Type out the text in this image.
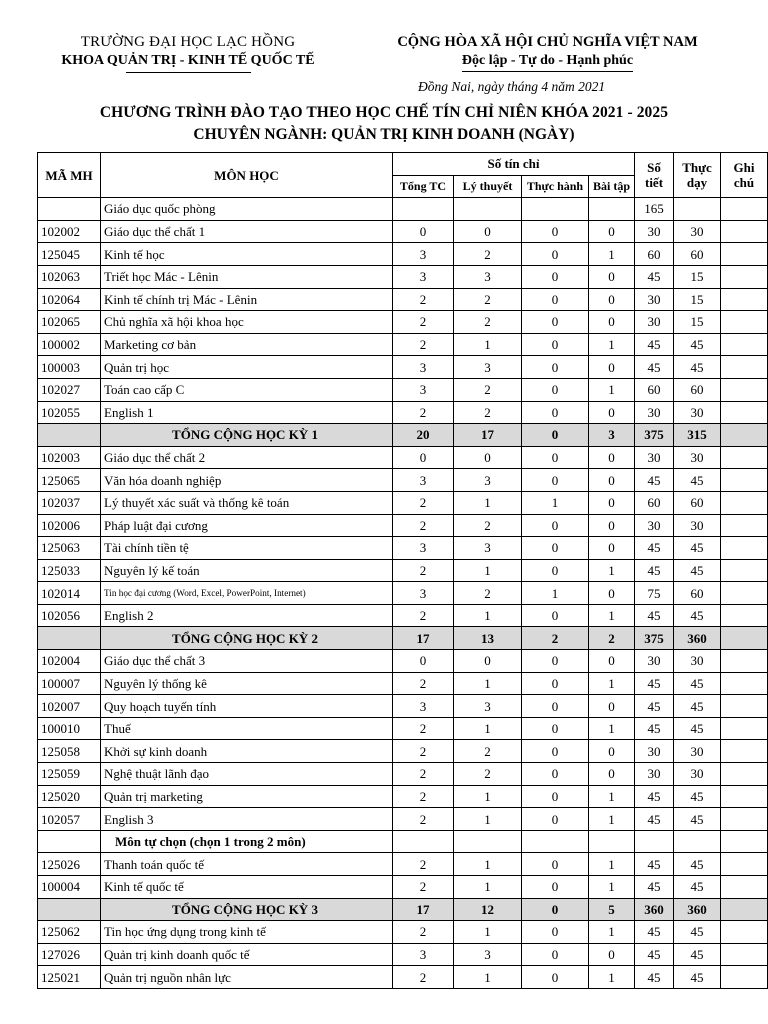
TRƯỜNG ĐẠI HỌC LẠC HỒNG
KHOA QUẢN TRỊ - KINH TẾ QUỐC TẾ
CỘNG HÒA XÃ HỘI CHỦ NGHĨA VIỆT NAM
Độc lập - Tự do - Hạnh phúc
Đồng Nai, ngày tháng 4 năm 2021
CHƯƠNG TRÌNH ĐÀO TẠO THEO HỌC CHẾ TÍN CHỈ NIÊN KHÓA 2021 - 2025
CHUYÊN NGÀNH: QUẢN TRỊ KINH DOANH (NGÀY)
MÃ MH	MÔN HỌC	Số tín chỉ				Số tiết	Thực dạy	Ghi chú
		Tổng TC	Lý thuyết	Thực hành	Bài tập			
	Giáo dục quốc phòng					165		
102002	Giáo dục thể chất 1	0	0	0	0	30	30	
125045	Kinh tế học	3	2	0	1	60	60	
102063	Triết học Mác - Lênin	3	3	0	0	45	15	
102064	Kinh tế chính trị Mác - Lênin	2	2	0	0	30	15	
102065	Chủ nghĩa xã hội khoa học	2	2	0	0	30	15	
100002	Marketing cơ bản	2	1	0	1	45	45	
100003	Quản trị học	3	3	0	0	45	45	
102027	Toán cao cấp C	3	2	0	1	60	60	
102055	English 1	2	2	0	0	30	30	
	TỔNG CỘNG HỌC KỲ 1	20	17	0	3	375	315	
102003	Giáo dục thể chất 2	0	0	0	0	30	30	
125065	Văn hóa doanh nghiệp	3	3	0	0	45	45	
102037	Lý thuyết xác suất và thống kê toán	2	1	1	0	60	60	
102006	Pháp luật đại cương	2	2	0	0	30	30	
125063	Tài chính tiền tệ	3	3	0	0	45	45	
125033	Nguyên lý kế toán	2	1	0	1	45	45	
102014	Tin học đại cương (Word, Excel, PowerPoint, Internet)	3	2	1	0	75	60	
102056	English 2	2	1	0	1	45	45	
	TỔNG CỘNG HỌC KỲ 2	17	13	2	2	375	360	
102004	Giáo dục thể chất 3	0	0	0	0	30	30	
100007	Nguyên lý thống kê	2	1	0	1	45	45	
102007	Quy hoạch tuyến tính	3	3	0	0	45	45	
100010	Thuế	2	1	0	1	45	45	
125058	Khởi sự kinh doanh	2	2	0	0	30	30	
125059	Nghệ thuật lãnh đạo	2	2	0	0	30	30	
125020	Quản trị marketing	2	1	0	1	45	45	
102057	English 3	2	1	0	1	45	45	
	Môn tự chọn (chọn 1 trong 2 môn)							
125026	Thanh toán quốc tế	2	1	0	1	45	45	
100004	Kinh tế quốc tế	2	1	0	1	45	45	
	TỔNG CỘNG HỌC KỲ 3	17	12	0	5	360	360	
125062	Tin học ứng dụng trong kinh tế	2	1	0	1	45	45	
127026	Quản trị kinh doanh quốc tế	3	3	0	0	45	45	
125021	Quản trị nguồn nhân lực	2	1	0	1	45	45	
